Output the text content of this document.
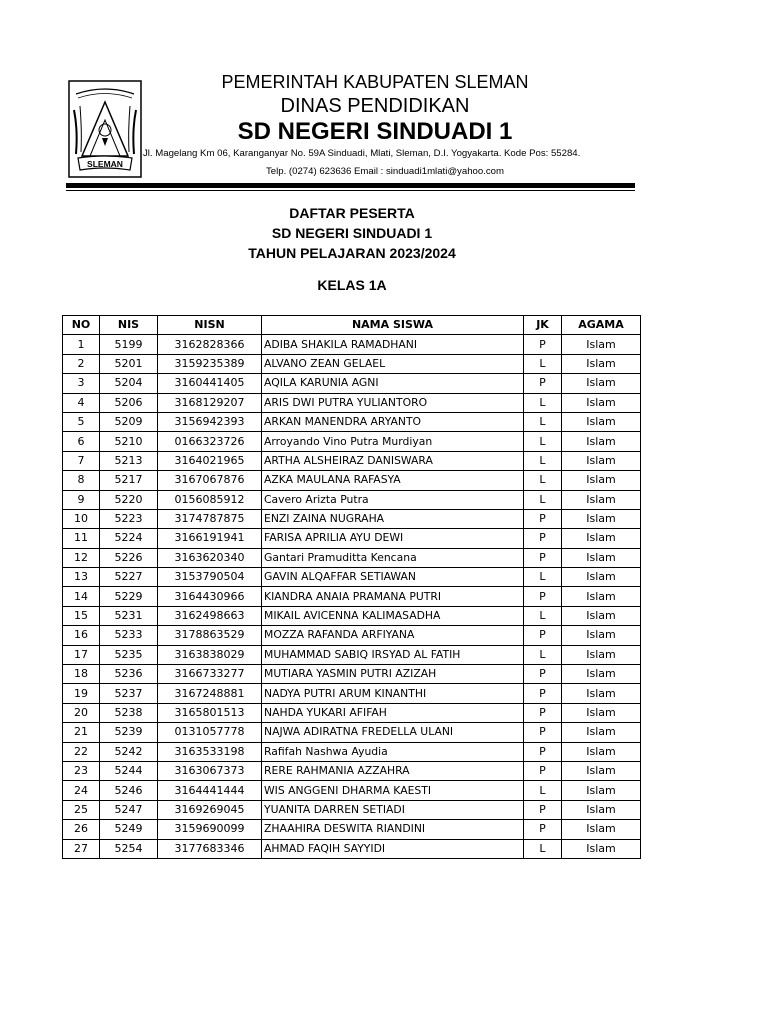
SLEMAN
PEMERINTAH KABUPATEN SLEMAN
DINAS PENDIDIKAN
SD NEGERI SINDUADI 1
Jl. Magelang Km 06, Karanganyar No. 59A Sinduadi, Mlati, Sleman, D.I. Yogyakarta. Kode Pos: 55284.
Telp. (0274) 623636 Email : sinduadi1mlati@yahoo.com
DAFTAR PESERTA
SD NEGERI SINDUADI 1
TAHUN PELAJARAN 2023/2024
KELAS 1A
NO	NIS	NISN	NAMA SISWA	JK	AGAMA
1	5199	3162828366	ADIBA SHAKILA RAMADHANI	P	Islam
2	5201	3159235389	ALVANO ZEAN GELAEL	L	Islam
3	5204	3160441405	AQILA KARUNIA AGNI	P	Islam
4	5206	3168129207	ARIS DWI PUTRA YULIANTORO	L	Islam
5	5209	3156942393	ARKAN MANENDRA ARYANTO	L	Islam
6	5210	0166323726	Arroyando Vino Putra Murdiyan	L	Islam
7	5213	3164021965	ARTHA ALSHEIRAZ DANISWARA	L	Islam
8	5217	3167067876	AZKA MAULANA RAFASYA	L	Islam
9	5220	0156085912	Cavero Arizta Putra	L	Islam
10	5223	3174787875	ENZI ZAINA NUGRAHA	P	Islam
11	5224	3166191941	FARISA APRILIA AYU DEWI	P	Islam
12	5226	3163620340	Gantari Pramuditta Kencana	P	Islam
13	5227	3153790504	GAVIN ALQAFFAR SETIAWAN	L	Islam
14	5229	3164430966	KIANDRA ANAIA PRAMANA PUTRI	P	Islam
15	5231	3162498663	MIKAIL AVICENNA KALIMASADHA	L	Islam
16	5233	3178863529	MOZZA RAFANDA ARFIYANA	P	Islam
17	5235	3163838029	MUHAMMAD SABIQ IRSYAD AL FATIH	L	Islam
18	5236	3166733277	MUTIARA YASMIN PUTRI AZIZAH	P	Islam
19	5237	3167248881	NADYA PUTRI ARUM KINANTHI	P	Islam
20	5238	3165801513	NAHDA YUKARI AFIFAH	P	Islam
21	5239	0131057778	NAJWA ADIRATNA FREDELLA ULANI	P	Islam
22	5242	3163533198	Rafifah Nashwa Ayudia	P	Islam
23	5244	3163067373	RERE RAHMANIA AZZAHRA	P	Islam
24	5246	3164441444	WIS ANGGENI DHARMA KAESTI	L	Islam
25	5247	3169269045	YUANITA DARREN SETIADI	P	Islam
26	5249	3159690099	ZHAAHIRA DESWITA RIANDINI	P	Islam
27	5254	3177683346	AHMAD FAQIH SAYYIDI	L	Islam
